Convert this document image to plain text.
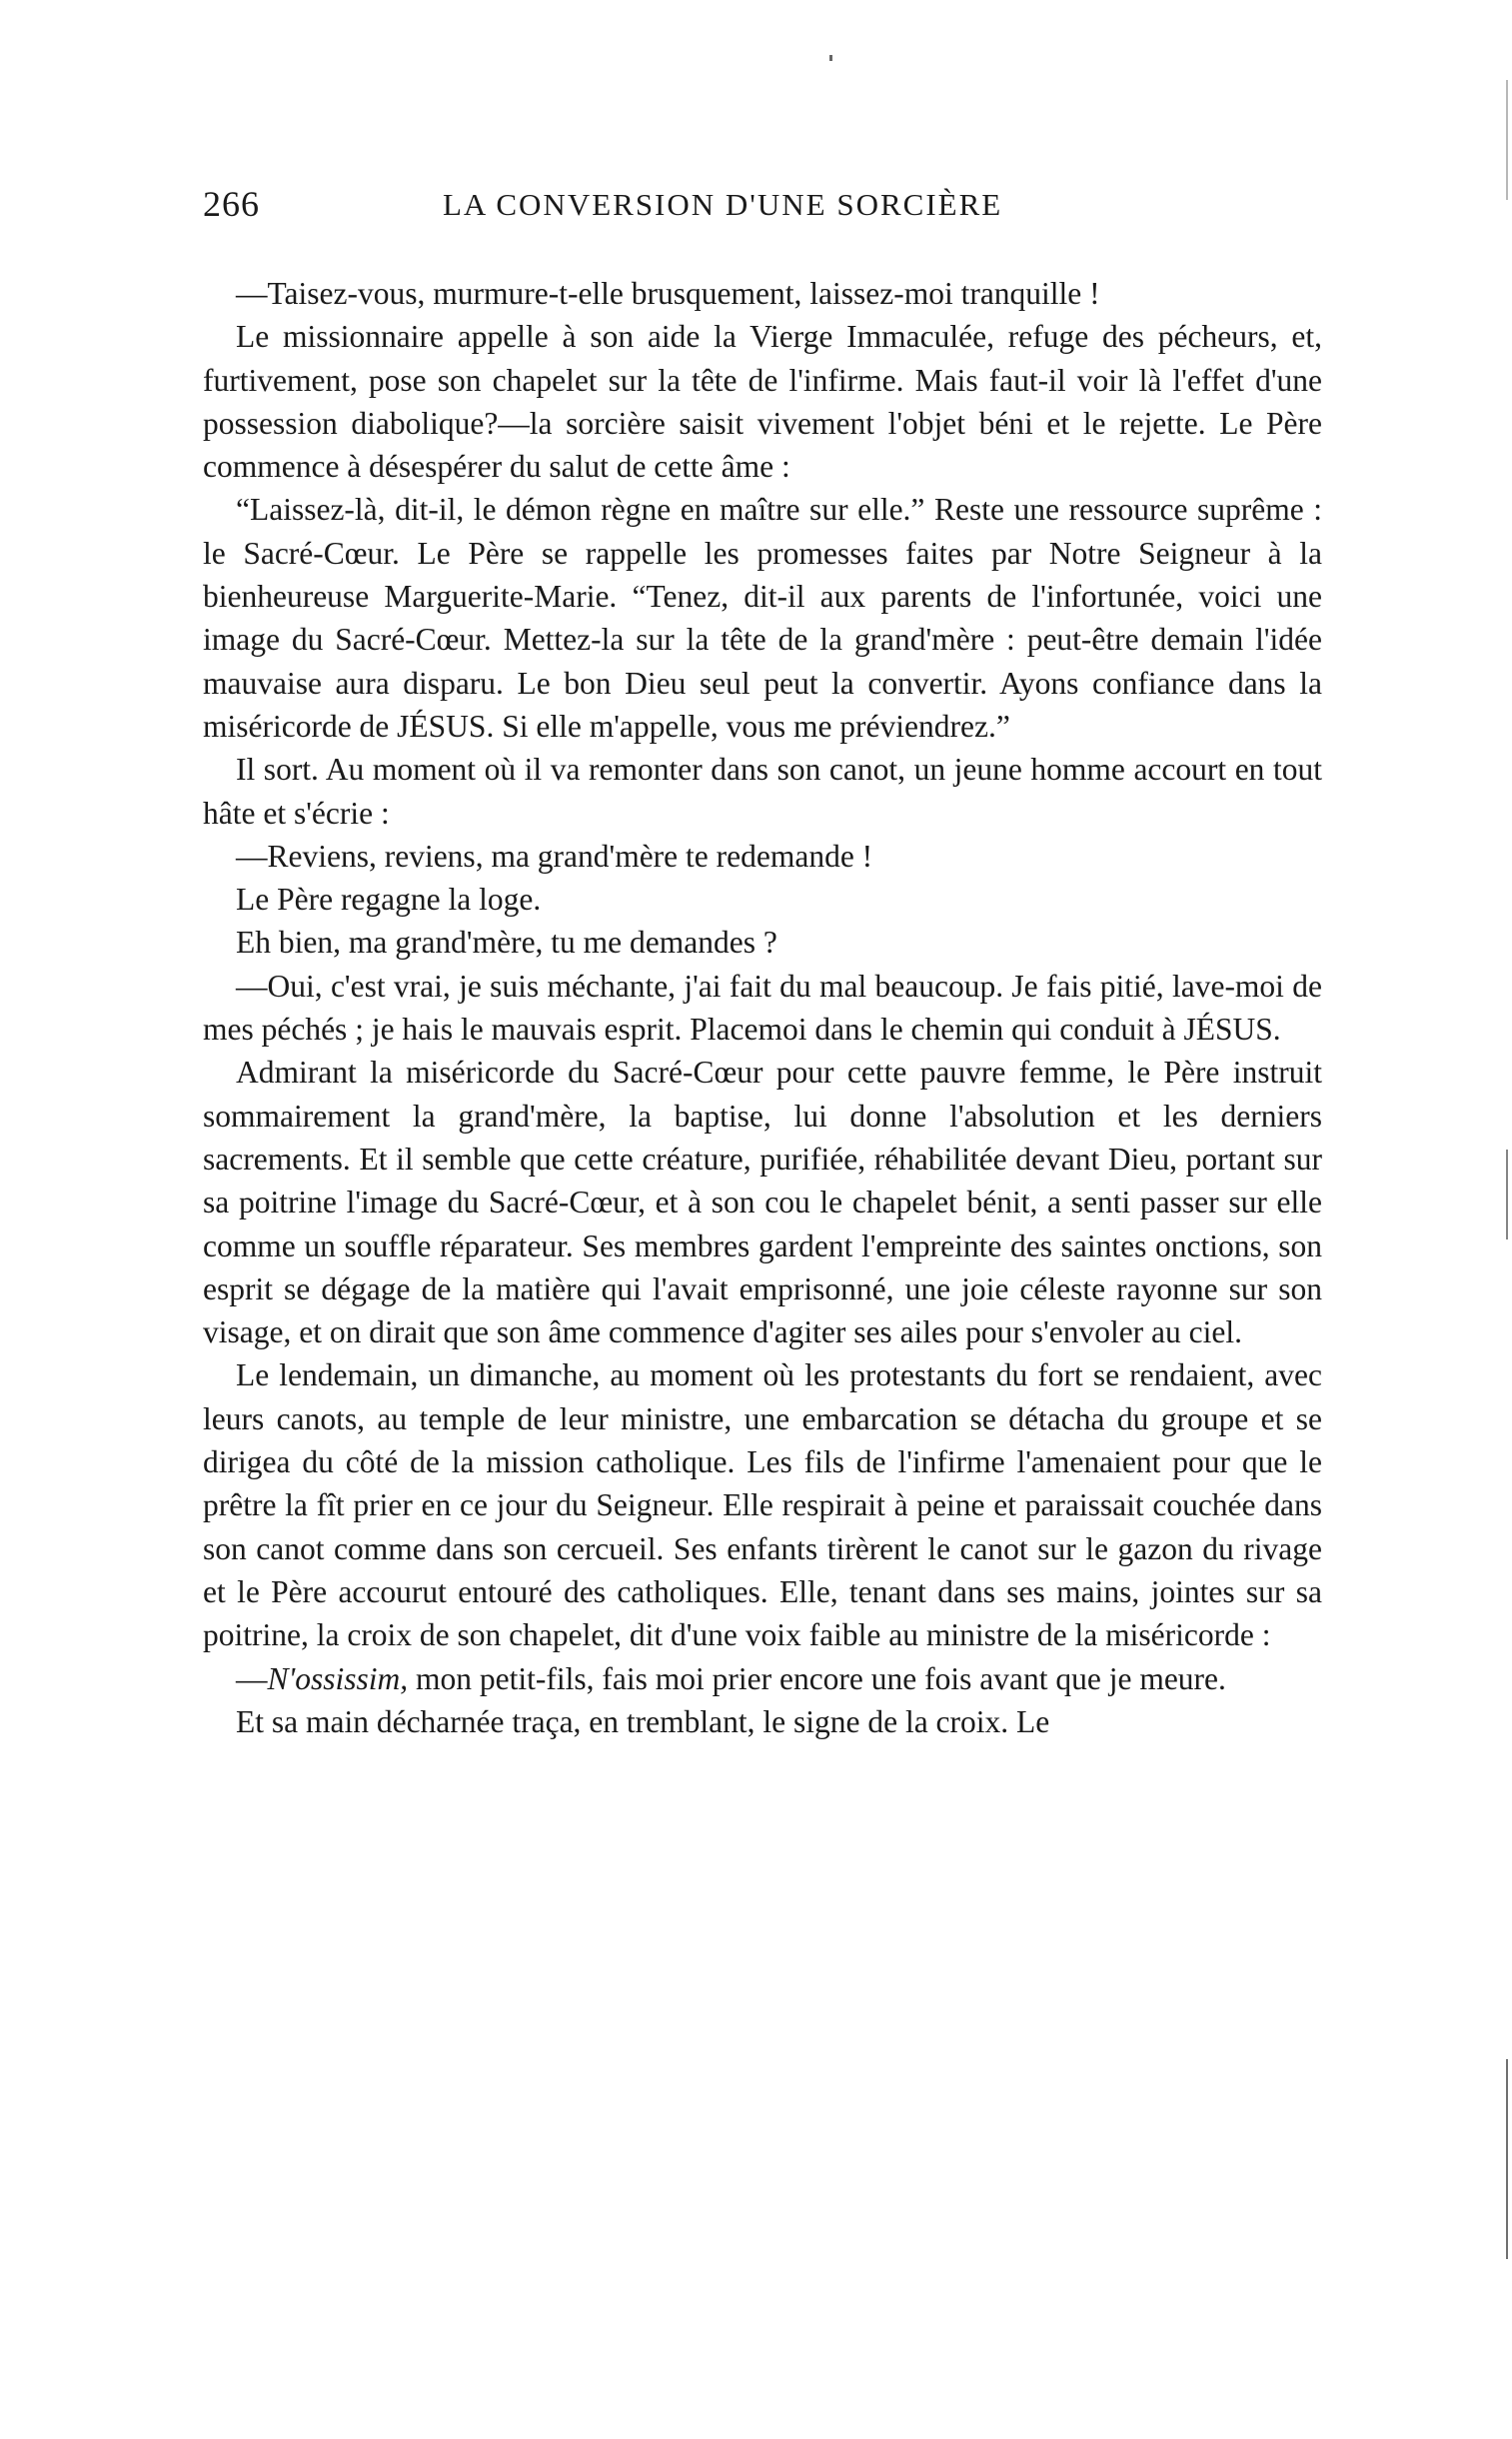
266	LA CONVERSION D'UNE SORCIÈRE

—Taisez-vous, murmure-t-elle brusquement, laissez-moi tranquille !

Le missionnaire appelle à son aide la Vierge Immaculée, refuge des pécheurs, et, furtivement, pose son chapelet sur la tête de l'infirme. Mais faut-il voir là l'effet d'une possession diabolique?—la sorcière saisit vivement l'objet béni et le rejette. Le Père commence à désespérer du salut de cette âme :

“Laissez-là, dit-il, le démon règne en maître sur elle.” Reste une ressource suprême : le Sacré-Cœur. Le Père se rappelle les promesses faites par Notre Seigneur à la bienheureuse Marguerite-Marie. “Tenez, dit-il aux parents de l'infortunée, voici une image du Sacré-Cœur. Mettez-la sur la tête de la grand'mère : peut-être demain l'idée mauvaise aura disparu. Le bon Dieu seul peut la convertir. Ayons confiance dans la miséricorde de JÉSUS. Si elle m'appelle, vous me préviendrez.”

Il sort. Au moment où il va remonter dans son canot, un jeune homme accourt en tout hâte et s'écrie :

—Reviens, reviens, ma grand'mère te redemande !

Le Père regagne la loge.

Eh bien, ma grand'mère, tu me demandes ?

—Oui, c'est vrai, je suis méchante, j'ai fait du mal beaucoup. Je fais pitié, lave-moi de mes péchés ; je hais le mauvais esprit. Placemoi dans le chemin qui conduit à JÉSUS.

Admirant la miséricorde du Sacré-Cœur pour cette pauvre femme, le Père instruit sommairement la grand'mère, la baptise, lui donne l'absolution et les derniers sacrements. Et il semble que cette créature, purifiée, réhabilitée devant Dieu, portant sur sa poitrine l'image du Sacré-Cœur, et à son cou le chapelet bénit, a senti passer sur elle comme un souffle réparateur. Ses membres gardent l'empreinte des saintes onctions, son esprit se dégage de la matière qui l'avait emprisonné, une joie céleste rayonne sur son visage, et on dirait que son âme commence d'agiter ses ailes pour s'envoler au ciel.

Le lendemain, un dimanche, au moment où les protestants du fort se rendaient, avec leurs canots, au temple de leur ministre, une embarcation se détacha du groupe et se dirigea du côté de la mission catholique. Les fils de l'infirme l'amenaient pour que le prêtre la fît prier en ce jour du Seigneur. Elle respirait à peine et paraissait couchée dans son canot comme dans son cercueil. Ses enfants tirèrent le canot sur le gazon du rivage et le Père accourut entouré des catholiques. Elle, tenant dans ses mains, jointes sur sa poitrine, la croix de son chapelet, dit d'une voix faible au ministre de la miséricorde :

—N'ossissim, mon petit-fils, fais moi prier encore une fois avant que je meure.

Et sa main décharnée traça, en tremblant, le signe de la croix. Le
